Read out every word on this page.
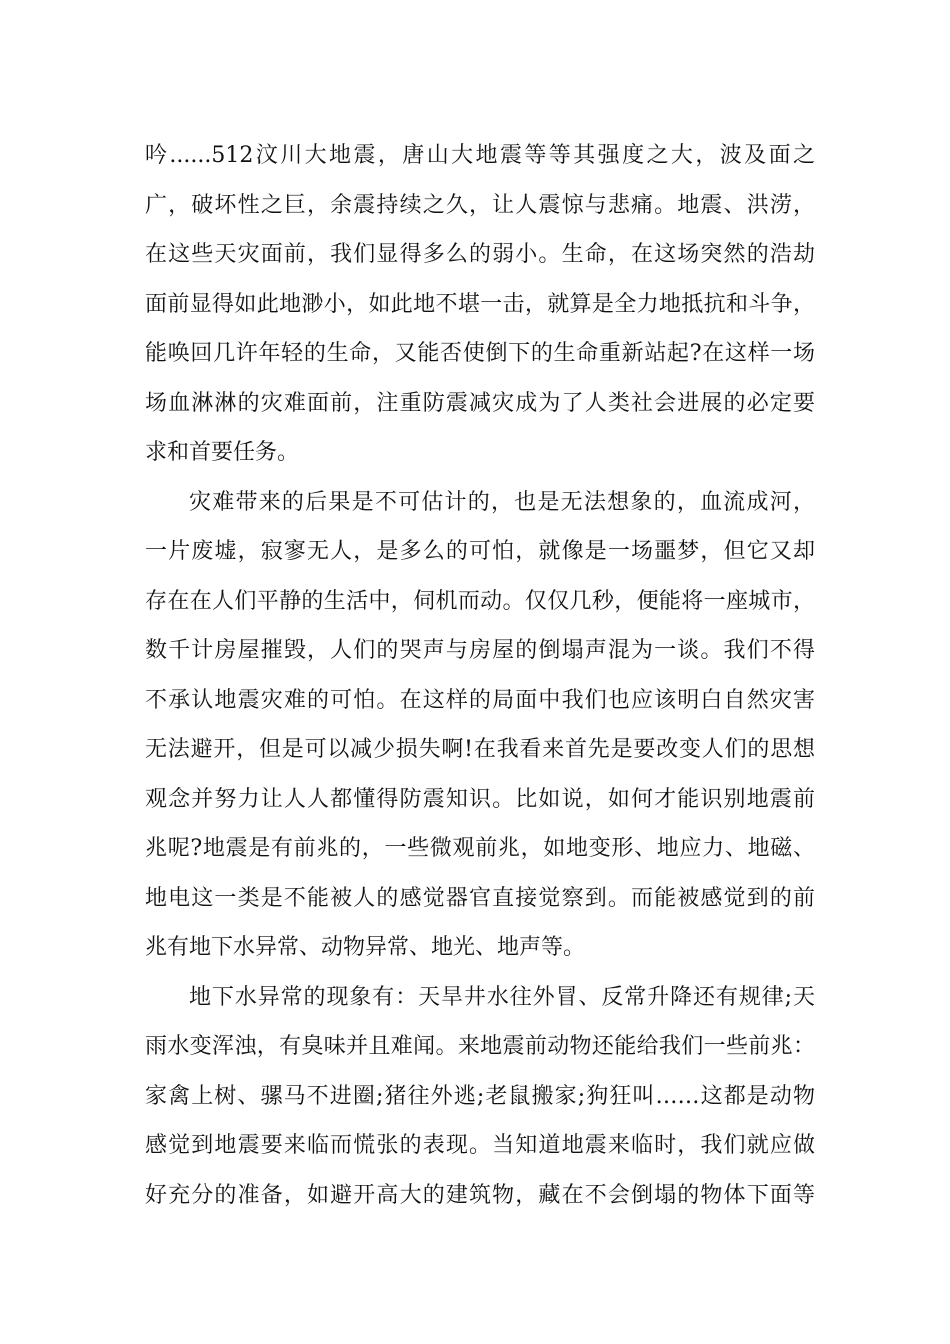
吟......512汶川大地震，唐山大地震等等其强度之大，波及面之
广，破坏性之巨，余震持续之久，让人震惊与悲痛。地震、洪涝，
在这些天灾面前，我们显得多么的弱小。生命，在这场突然的浩劫
面前显得如此地渺小，如此地不堪一击，就算是全力地抵抗和斗争，
能唤回几许年轻的生命，又能否使倒下的生命重新站起?在这样一场
场血淋淋的灾难面前，注重防震减灾成为了人类社会进展的必定要
求和首要任务。
灾难带来的后果是不可估计的，也是无法想象的，血流成河，
一片废墟，寂寥无人，是多么的可怕，就像是一场噩梦，但它又却
存在在人们平静的生活中，伺机而动。仅仅几秒，便能将一座城市，
数千计房屋摧毁，人们的哭声与房屋的倒塌声混为一谈。我们不得
不承认地震灾难的可怕。在这样的局面中我们也应该明白自然灾害
无法避开，但是可以减少损失啊!在我看来首先是要改变人们的思想
观念并努力让人人都懂得防震知识。比如说，如何才能识别地震前
兆呢?地震是有前兆的，一些微观前兆，如地变形、地应力、地磁、
地电这一类是不能被人的感觉器官直接觉察到。而能被感觉到的前
兆有地下水异常、动物异常、地光、地声等。
地下水异常的现象有：天旱井水往外冒、反常升降还有规律;天
雨水变浑浊，有臭味并且难闻。来地震前动物还能给我们一些前兆：
家禽上树、骡马不进圈;猪往外逃;老鼠搬家;狗狂叫……这都是动物
感觉到地震要来临而慌张的表现。当知道地震来临时，我们就应做
好充分的准备，如避开高大的建筑物，藏在不会倒塌的物体下面等
